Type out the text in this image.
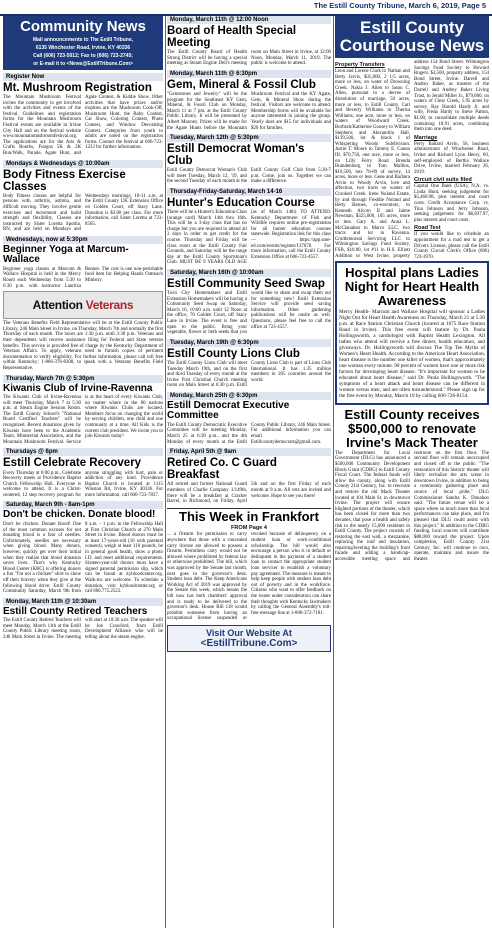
The Estill County Tribune, March 6, 2019, Page 5
Community News

Mail announcements to The Estill Tribune,

6135 Winchester Road, Irvine, KY 40336

Call (606) 723-5012; Fax to (606) 723-2745;

or E-mail it to <News@EstillTribune.Com>

Register Now
Mt. Mushroom Registration
The Mountain Mushroom Festival invites the community to get involved with the activities and events of the festival. Guidelines and registration forms for the Mountain Mushroom Festival events are available in Irvine City Hall and on the festival website www.mountainmushroomfestival.org. The applications are for the Arts & Crafts Booths, Fungus 5K & 2K Run/Walk, Parade, Agate Hunt, and Agate Contest, & Kiddie Show. Other activities that have prizes and/or trophies are the Mushroom Cook-Off, Mushroom Hunt, the Baby Contest, Car Show, Coloring Contest, Photo Contest, and Window Decorating Contest. Categories from youth to adults are noted on the registration forms. Contact the festival at 606-723-1233 for further information.
Mondays & Wednesdays @ 10:00am
Body Fitness Exercise Classes
Body Fitness classes are helpful for persons with arthritis, asthma, and difficult moving. They involve gentle exercises and movement and build strength and flexibility. Classes are instructed by Sister Loretta Spotila, RN, and are held on Mondays and Wednesdays mornings, 10-11 a.m. at the Estill County UK Extension Office on Golden Court, off Stacy Lane. Donation is $3.00 per class. For more information, call Sister Loretta at 723-8505.
Wednesdays, now at 5:30pm
Beginner Yoga at Marcum-Wallace
Beginner yoga classes at Marcum & Wallace Hospital is held in the Mercy Room each Wednesday from 5:30 to 6:30 p.m. with instructor Lauritza Renner. The cost is one non-perishable food item for Helping Hands Outreach Ministry.
Attention Veterans
The Veterans Benefits Field Representative will be at the Estill County Public Library, 246 Main Street in Irvine, on Thursday, March 7th and normally the first Thursday of each month. The hours are 1:30 p.m. until 3:30 p.m. Veterans and their dependents will receive assistance filing for Federal and State veteran benefits. This service is provided free of charge by the Kentucky Department of Veterans Affairs. To apply, veterans need to furnish copies of pertinent documentation to verify eligibility. For further information, please call toll free within Kentucky: 1-866-376-8308, to speak with a Veterans Benefits Field Representative.
Thursday, March 7th @ 5:30pm
Kiwanis Club of Irvine-Ravenna
The Kiwanis Club of Irvine-Ravenna will meet Thursday, March 7 at 5:30 p.m. at Steam Engine Session Room. The Estill County School's "National Board Certified Teachers" will be recognized. Recent donations given by Kiwanis have been to the Academic Team, Ministerial Association, and the Mountain Mushroom Festival. Service is at the heart of every Kiwanis Club, no matter where in the 80 nations where Kiwanis Clubs are located. Members focus on changing the world by serving children, one child and one community at a time. All Kids is the current club president. We invite you to join Kiwanis today!
Thursdays @ 6pm
Estill Celebrate Recovery
Every Thursday at 6:00 p.m., Celebrate Recovery meets at Providence Baptist Church Fellowship Hall. Everyone is welcome to attend. It is a Christ-centered, 12 step recovery program for anyone struggling with hurt, pain or addiction of any kind. Providence Baptist Church is located at 1115 Winston Rd, Irvine, KY 40336. For more information, call 606-723-7837.
Saturday, March 9th - 8am-1pm
Don't be chicken. Donate blood!
Don't be chicken. Donate blood! One of the most common excuses for not donating blood is a fear of needles. Unfortunately, needles are necessary when giving blood. Many donors, however, quickly get over their initial when they realize that blood donation saves lives. That's why Kentucky Blood Center (KBC) is offering donors a fun "I'm not a chicken" shirt to show off their bravery when they give at the following blood drive: Estill County Community Saturday, March 9th from 8 a.m. - 1 p.m. in the Fellowship Hall at First Christian Church at 270 Main Street in Irvine. Blood donors must be at least 17-years-old (16 with parental consent), weigh at least 110 pounds, be in general good health, show a photo I.D. and meet additional requirements. Sixteen-year-old donors must have a signed parental permission slip, which can be found at kybloodcenter.org. Walk-ins are welcome. To schedule a donation, visit kybloodcenter.org or call 800.775.2522.
Monday, March 11th @ 10:30am
Estill County Retired Teachers
The Estill County Retired Teachers will meet Monday, March 11th at the Estill County Public Library meeting room, 246 Main Street in Irvine. The meeting will start at 10:30 a.m. The speaker will be Joe Crawford, from Estill Development Alliance who will be telling about the steam engine.
Monday, March 11th @ 12:00 Noon
Board of Health Special Meeting
The Estill County Board of Health Strong District will be having a special meeting at Steam Engine Deli's meeting room on Main Street in Irvine, at 12:00 Noon, Monday, March 11, 2019. The public is welcome to attend.
Monday, March 11th @ 6:30pm
Gem, Mineral & Fossil Club
"Gemstones and Jewelry" will be the program for the Southeast KY Gem, Mineral, & Fossil Club on Monday, March 11 at 7 pm. at the Estill County Public Library. It will be presented by Albert Mooney. Prizes will be made for the Agate Hunts before the Mountain Mushroom Festival and the KY Agate, Gem, & Mineral Show during the festival. Visitors are welcome to attend. Membership forms will be available for anyone interested in joining the group. Yearly dues are $15 for individuals and $20 for families.
Tuesday, March 12th @ 5:30pm
Estill Democrat Woman's Club
Estill County Democrat Woman's Club will meet Tuesday, March 12, '19, and the second Tuesday of each month at the Estill County Golf Club from 5:30-7 p.m. Come, join us. Together we can make a difference.
Thursday-Friday-Saturday, March 14-16
Hunter's Education Course
There will be a Hunter's Education Class (orange card) March 14th thru 16th. This will be a 3-day class that has no charge but you are required to attend all 3 days in order to get credit for the course. Thursday and Friday will be class room at the Estill County Fair Grounds, and Saturday will be the range day at the Estill County Sportsman's Club. MUST BE 9 YEARS OLD AGE (as of March 14th) TO ATTEND. Kentucky Department of Fish and Wildlife requires online pre-registration for all hunter education courses statewide. Registration link for this class — https://app.sme-ed.com/events/register/137670. For more information, call the Estill County Extension Office at 606-723-4557.
Saturday, March 16th @ 10:00am
Estill Community Seed Swap
Twin City Homemakers and Estill Extension Homemakers will be having a Community Seed Swap on Saturday, March 16, 10:00 a.m. until 12 Noon at the office, 76 Golden Court, off Stacy Lane in Irvine. The event is free and open to the public. Bring your vegetable, flower or herb seeds that you would like to share and swap them out for something new! Estill Extension Service will provide seed saving information. Other gardening publications will be onsite as well. Questions, please feel free to call the office at 723-4557.
Tuesday, March 19th @ 6:30pm
Estill County Lions Club
The Estill County Lions Club will meet Tuesday March 19th, and on the first and third Tuesday of every month at the Irvine First Christian Church meeting room on Main Street at 6:30 p.m. Estill County Lions Club is part of Lions Club International. It has 1.35 million members in 205 countries around the world.
Monday, March 25th @ 6:30pm
Estill Democrat Executive Committee
The Estill County Democratic Executive Committee will be meeting Monday, March 25 at 6:30 p.m., and the 4th Monday of every month at the Estill County Public Library, 246 Main Street. For additional information you can email Estillcountydemocrats@gmail.com.
Friday, April 5th @ 9am
Retired Co. C Guard Breakfast
All retired and former National Guard members of Charlie Company 1/149th, there will be a breakfast at Cracker Barrel, in Richmond, on Friday, April 5th and on the first Friday of each month at 9 a.m. All vets are invited and welcome. Hope to see you there!
This Week in Frankfort
FROM Page 4
... a firearm for permission to carry anywhere that those with a concealed carry license are allowed to possess a firearm. Permitless carry would not be allowed where prohibited by federal law or otherwise prohibited. The bill, which was approved by the Senate last month, next goes to the governor's desk. Student loan debt. The Keep Americans Working Act of 2019 was approved by the Senate this week, which means the bill now has both chambers' approval and is ready to be delivered to the governor's desk. House Bill 118 would prohibit someone from having an occupational license suspended or revoked because of delinquency on a student loan or work-conditional scholarship. The bill would also encourage a person who is in default or delinquent in the payment of a student loan to contact the appropriate student loan servicer to establish a voluntary pay agreement. The measure is meant to help keep people with student loan debt out of poverty and in the workforce. Citizens who want to offer feedback on the issues under consideration can share their thoughts with Kentucky lawmakers by calling the General Assembly's toll-free message line at 1-800-372-7181.
Visit Our Website At
<EstillTribune.Com>
Estill County Courthouse News
Property Transfers
Leon and Lorene Clark to Nathan and Betty Jarvis, $35,000, 2 1/5 acres, more or less, on water of Drowning Creek. Nakia J. Allen to Jason C. Allen, pursuant to a decree of dissolution of marriage, 50 acres, more or less, in Estill County. Carl and Beverly Williams to Therisa Williams, one acre, more or less, on waters of Woodward Creek. Borbrah/Katherine Goosey to William Stephens and Alexandria Hall, $139,500, lot & block 1 of Whispering Woods Subdivision. Justin T. Moore to Tammy E. Canon III, $70,750, one acre, more or less, on Lilly Ferry Road. Brenda Brandenburg to Tom Mullins, $16,500, lots 76-89 of survey, 14 acres, more or less. Gene and Barbara Arvin to Woody Arvin, love and affection, two tracts on waters of Crooked Creek. Irene Noland Estate, by and through Freddie Noland and Betty Barnes, co-executors, to Kenneth Alcorn II and Jaime Newman, $325,000, 105 acres, more or less. Gary A. and Anna L. McClanahan to Marco LLC, two tracts and lot in Ravenna. Cruttlemoreal Servicing LLC to Wilmington Savings Fund Society, FSB, $10.00, lot #11 in H.S. Elliott Addition to West Irvine, property address 154 Bond Street. Wilmington Savings Fund Society to Howard Rogers, $3,500, property address, 154 Bond Street, Irvine. Darrell and Andrey Baker, as trustees of the Darrell and Andrey Baker Living Trust, to Jerald Miller Jr., $79,000, on waters of Clear Creek, 1.95 acres by survey. Ray Harold Hardy Jr. and wife, Freda Hardy to Steve Patton, $1.00, to consolidate multiple deeds containing 18.91 acres, combining them into one deed.
Marriage
Perry Ballard Arvin, 56, business administrator of Winchester Road, Irvine and Richard Lynn Henry, 60, self-employed of Bertha Wallace Drive, Irvine, married February 26, 2019.
Circuit civil suits filed
Capital One Bank (USA), N.A. vs. Linda Hunt, seeking judgement for $5,460.98, plus interest and court costs. Credit Acceptance Corp. vs. Tina Johnson and Jerry Johnson, seeking judgement for $6,837.97, plus interest and court costs.
Road Test
If you would like to schedule an appointment for a road test to get a Drivers License, please call the Estill County Circuit Clerk's Office (606) 723-3970.
Hospital plans Ladies Night for Heart Health Awareness
Mercy Health- Marcum and Wallace Hospital will sponsor a Ladies Night Out for Heart Health Awareness on Thursday, March 21 at 5:30 p.m. at Race Station Christian Church (located at 1675 Race Station Road in Irvine). This free event will feature by Dr. Paula Hollingsworth, a cardiologist with Baptist Health Lexington. All ladies who attend will receive a free dinner, health education, and giveaways. Dr. Hollingsworth will discuss The Top Ten Myths of Women's Heart Health. According to the American Heart Association, heart disease is the number one killer of women, that's approximately one woman every minute. 90 percent of women have one or more risk factors for developing heart disease. "It's important for women to be educated about heart disease," said Dr. Paula Hollingsworth. "The symptoms of a heart attack and heart disease can be different in women versus men, and are often misunderstood." Please sign up for the free event by Monday, March 18 by calling 606-726-8154.
Estill County receives $500,000 to renovate Irvine's Mack Theater
The Department for Local Government (DLG) has announced a $500,000 Community Development Block Grant (CDBG) to Estill County Fiscal Court. The federal funds will allow the county, along with Estill County 21st Century, Inc. to renovate and restore the old Mack Theater located at 104 Main St. in downtown Irvine. The project will ensure blighted portions of the theater, which has been closed for more than two decades, that pose a health and safety risk to the nearly 15,000 residents in Estill County. The project consists of restoring the east wall, a mezzanine, replacing the roof and insulation, repairing/leveling the building's front facade and adding a handicap-accessible meeting space and restroom on the first floor. The second floor will remain unoccupied and closed off to the public. "The restoration of this historic theater will likely revitalize the arts scene in downtown Irvine, in addition to being a community gathering place and source of local pride," DLG Commissioner Sandra K. Dunahoo said. "The future venue will be a space where so much more than local performances can take place, and I'm pleased that DLG could assist with this project." In addition to the CDBG funding, local sources will contribute $88,000 toward the project. Upon completion, Estill County 21st Century, Inc. will continue to own, operate, maintain and insure the theater.
